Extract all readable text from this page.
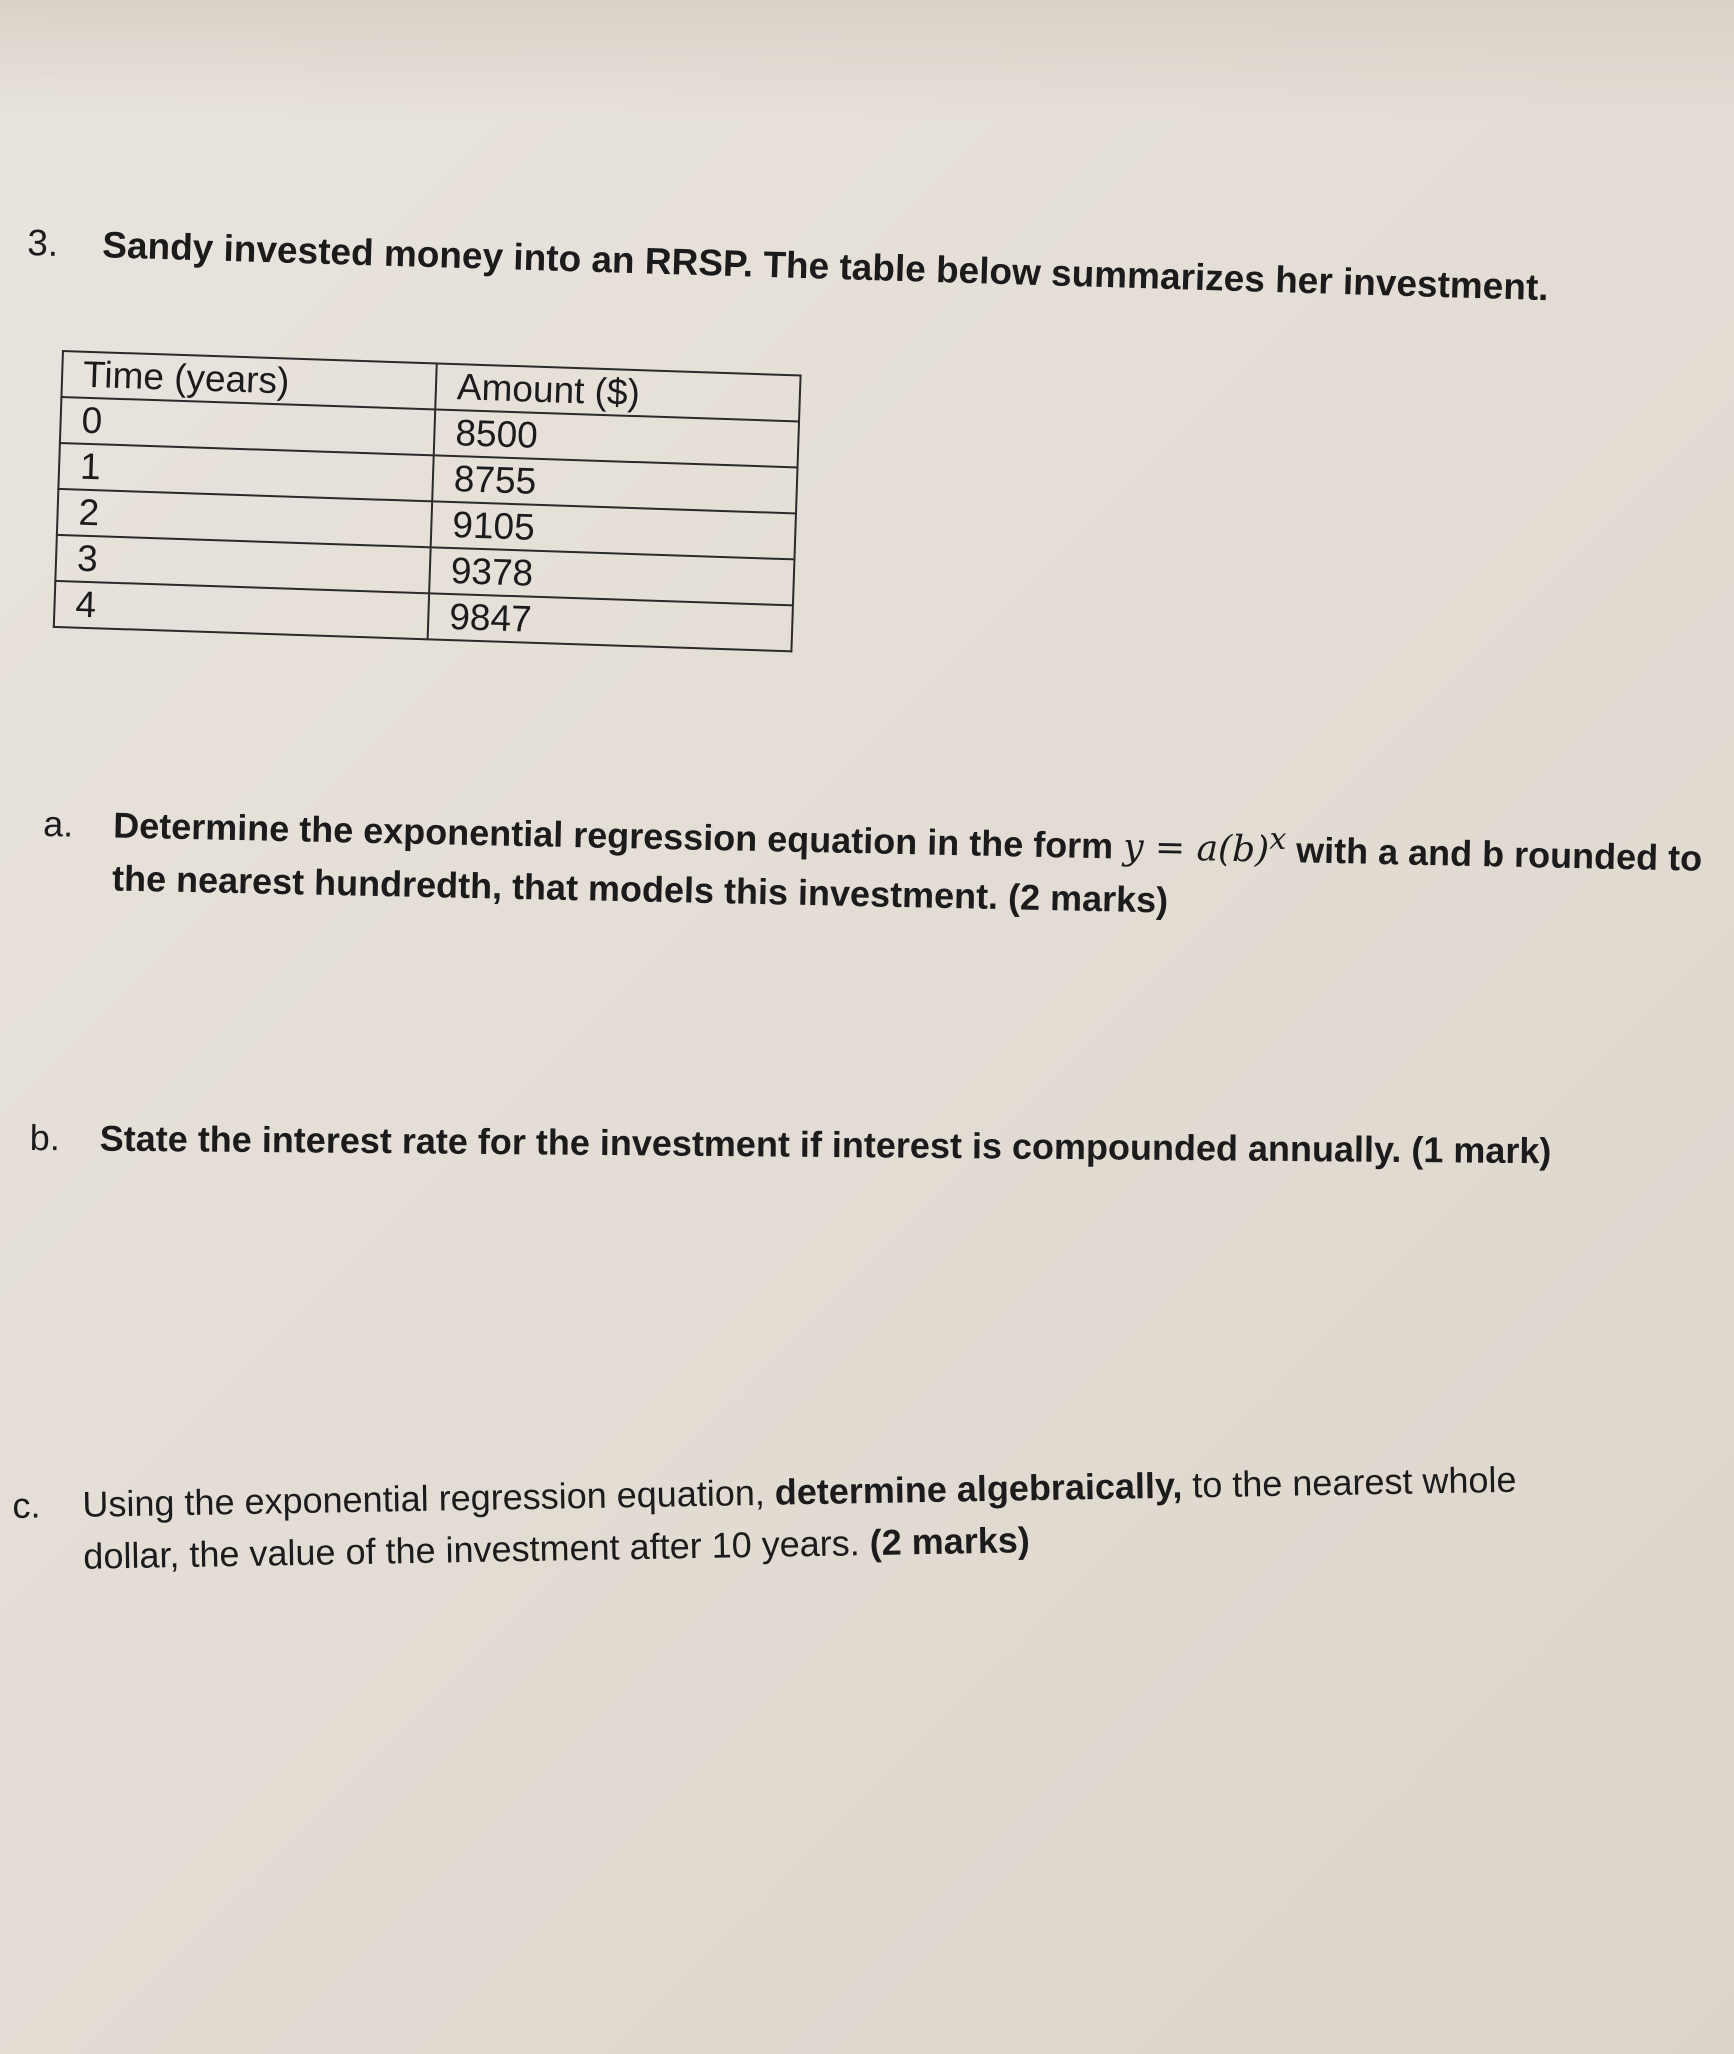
3. Sandy invested money into an RRSP. The table below summarizes her investment.
Time (years)	Amount ($)
0	8500
1	8755
2	9105
3	9378
4	9847
a. Determine the exponential regression equation in the form $y = a(b)^x$ with a and b rounded to
the nearest hundredth, that models this investment. (2 marks)
b. State the interest rate for the investment if interest is compounded annually. (1 mark)
c. Using the exponential regression equation, determine algebraically, to the nearest whole
dollar, the value of the investment after 10 years. (2 marks)
